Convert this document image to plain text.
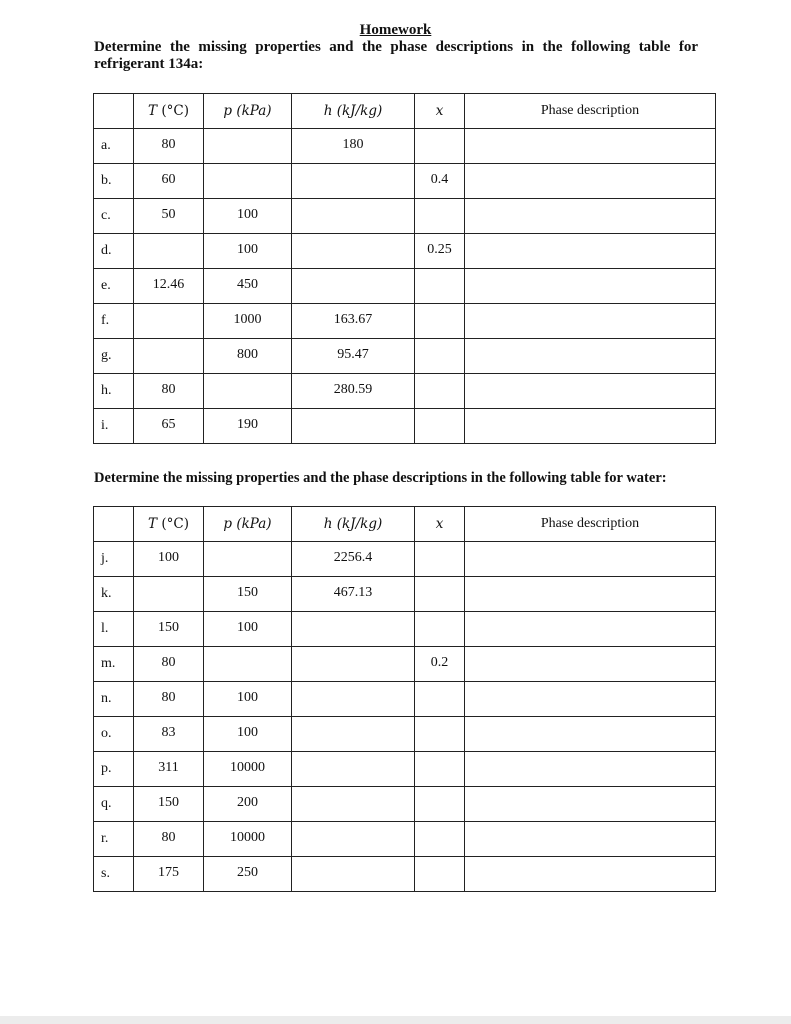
Homework
Determine the missing properties and the phase descriptions in the following table for
refrigerant 134a:
	T (°C)	p (kPa)	h (kJ/kg)	x	Phase description
a.	80		180		
b.	60			0.4	
c.	50	100			
d.		100		0.25	
e.	12.46	450			
f.		1000	163.67		
g.		800	95.47		
h.	80		280.59		
i.	65	190			
Determine the missing properties and the phase descriptions in the following table for water:
	T (°C)	p (kPa)	h (kJ/kg)	x	Phase description
j.	100		2256.4		
k.		150	467.13		
l.	150	100			
m.	80			0.2	
n.	80	100			
o.	83	100			
p.	311	10000			
q.	150	200			
r.	80	10000			
s.	175	250			
